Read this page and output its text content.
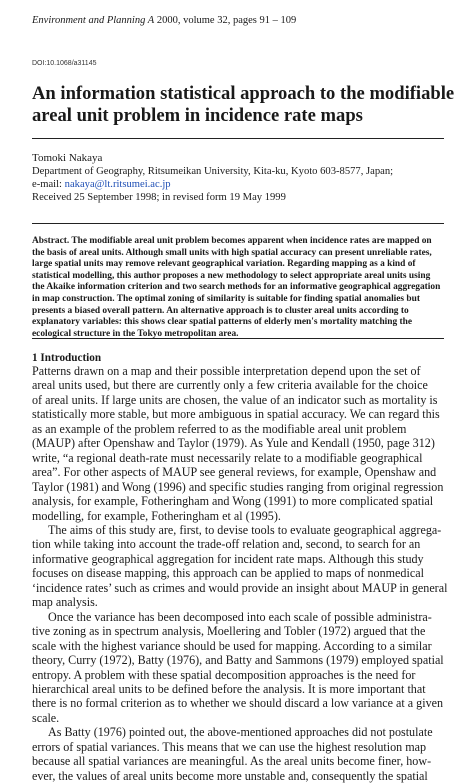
Environment and Planning A 2000, volume 32, pages 91 – 109
DOI:10.1068/a31145
An information statistical approach to the modifiable
areal unit problem in incidence rate maps
Tomoki Nakaya
Department of Geography, Ritsumeikan University, Kita-ku, Kyoto 603-8577, Japan;
e-mail: nakaya@lt.ritsumei.ac.jp
Received 25 September 1998; in revised form 19 May 1999
Abstract. The modifiable areal unit problem becomes apparent when incidence rates are mapped on
the basis of areal units. Although small units with high spatial accuracy can present unreliable rates,
large spatial units may remove relevant geographical variation. Regarding mapping as a kind of
statistical modelling, this author proposes a new methodology to select appropriate areal units using
the Akaike information criterion and two search methods for an informative geographical aggregation
in map construction. The optimal zoning of similarity is suitable for finding spatial anomalies but
presents a biased overall pattern. An alternative approach is to cluster areal units according to
explanatory variables: this shows clear spatial patterns of elderly men's mortality matching the
ecological structure in the Tokyo metropolitan area.
1 Introduction
Patterns drawn on a map and their possible interpretation depend upon the set of
areal units used, but there are currently only a few criteria available for the choice
of areal units. If large units are chosen, the value of an indicator such as mortality is
statistically more stable, but more ambiguous in spatial accuracy. We can regard this
as an example of the problem referred to as the modifiable areal unit problem
(MAUP) after Openshaw and Taylor (1979). As Yule and Kendall (1950, page 312)
write, “a regional death-rate must necessarily relate to a modifiable geographical
area”. For other aspects of MAUP see general reviews, for example, Openshaw and
Taylor (1981) and Wong (1996) and specific studies ranging from original regression
analysis, for example, Fotheringham and Wong (1991) to more complicated spatial
modelling, for example, Fotheringham et al (1995).
The aims of this study are, first, to devise tools to evaluate geographical aggrega-
tion while taking into account the trade-off relation and, second, to search for an
informative geographical aggregation for incident rate maps. Although this study
focuses on disease mapping, this approach can be applied to maps of nonmedical
‘incidence rates’ such as crimes and would provide an insight about MAUP in general
map analysis.
Once the variance has been decomposed into each scale of possible administra-
tive zoning as in spectrum analysis, Moellering and Tobler (1972) argued that the
scale with the highest variance should be used for mapping. According to a similar
theory, Curry (1972), Batty (1976), and Batty and Sammons (1979) employed spatial
entropy. A problem with these spatial decomposition approaches is the need for
hierarchical areal units to be defined before the analysis. It is more important that
there is no formal criterion as to whether we should discard a low variance at a given
scale.
As Batty (1976) pointed out, the above-mentioned approaches did not postulate
errors of spatial variances. This means that we can use the highest resolution map
because all spatial variances are meaningful. As the areal units become finer, how-
ever, the values of areal units become more unstable and, consequently the spatial
